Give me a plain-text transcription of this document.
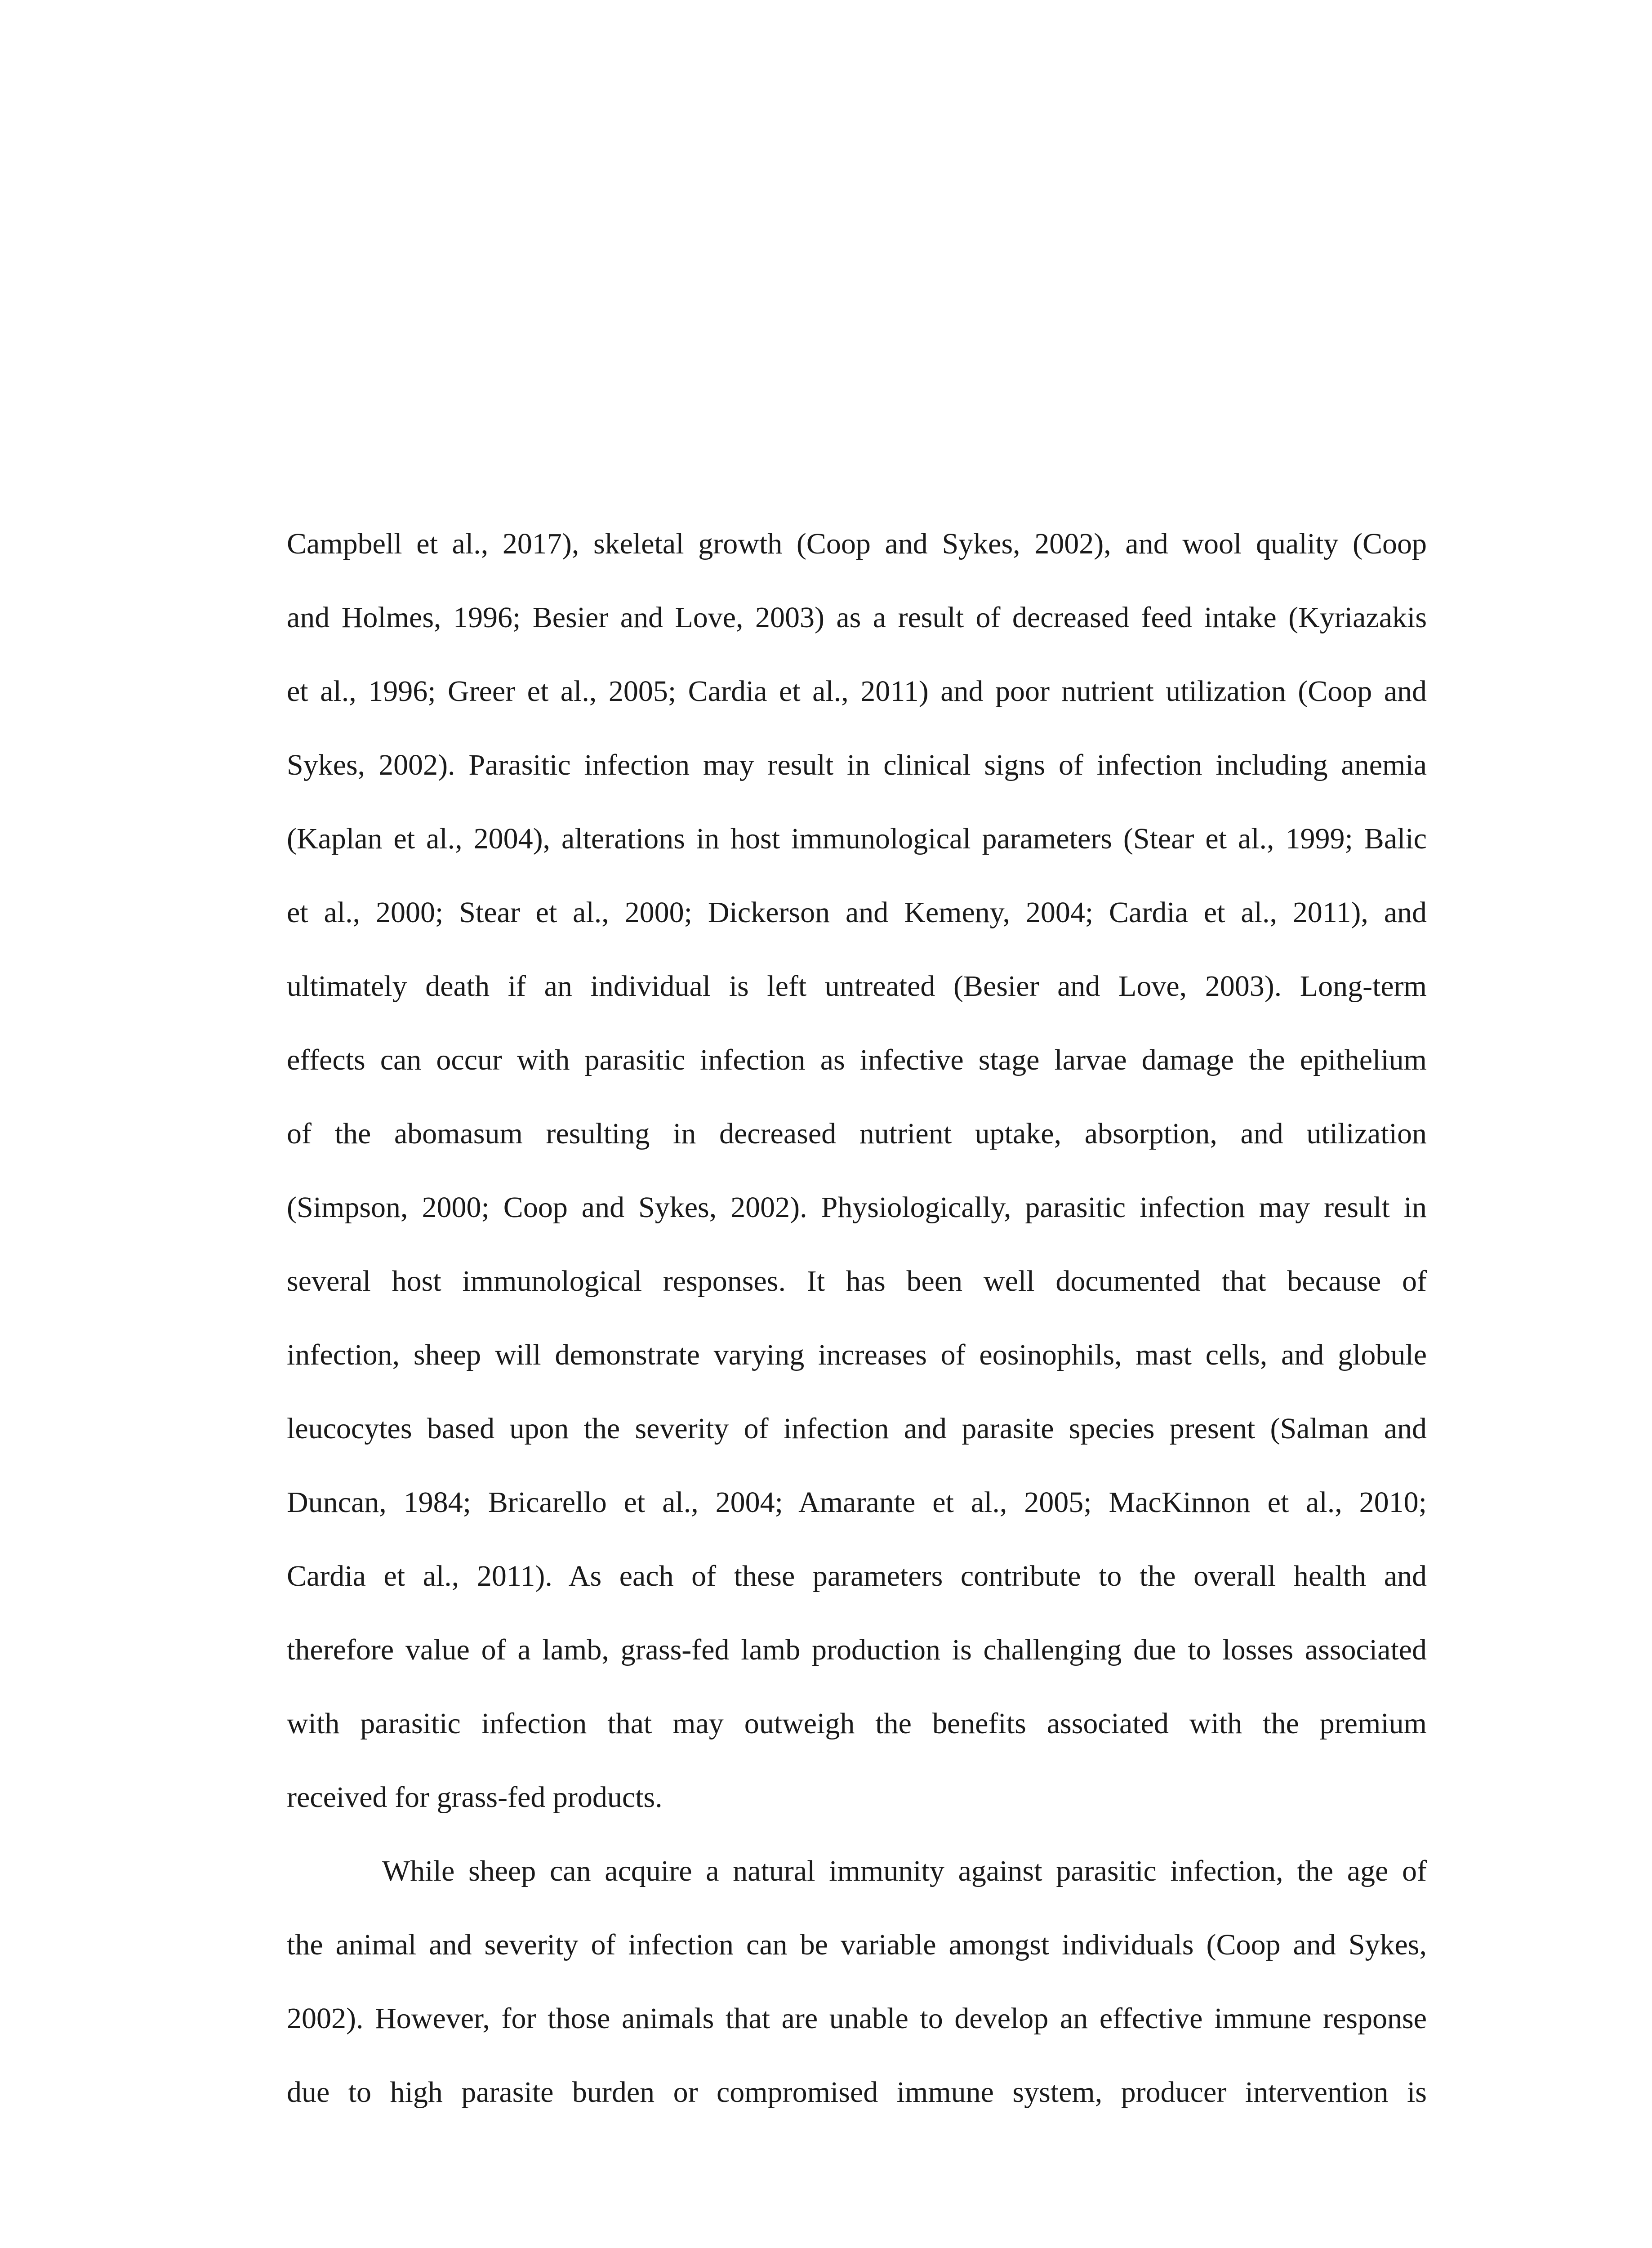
Campbell et al., 2017), skeletal growth (Coop and Sykes, 2002), and wool quality (Coop
and Holmes, 1996; Besier and Love, 2003) as a result of decreased feed intake (Kyriazakis
et al., 1996; Greer et al., 2005; Cardia et al., 2011) and poor nutrient utilization (Coop and
Sykes, 2002). Parasitic infection may result in clinical signs of infection including anemia
(Kaplan et al., 2004), alterations in host immunological parameters (Stear et al., 1999; Balic
et al., 2000; Stear et al., 2000; Dickerson and Kemeny, 2004; Cardia et al., 2011), and
ultimately death if an individual is left untreated (Besier and Love, 2003). Long-term
effects can occur with parasitic infection as infective stage larvae damage the epithelium
of the abomasum resulting in decreased nutrient uptake, absorption, and utilization
(Simpson, 2000; Coop and Sykes, 2002). Physiologically, parasitic infection may result in
several host immunological responses. It has been well documented that because of
infection, sheep will demonstrate varying increases of eosinophils, mast cells, and globule
leucocytes based upon the severity of infection and parasite species present (Salman and
Duncan, 1984; Bricarello et al., 2004; Amarante et al., 2005; MacKinnon et al., 2010;
Cardia et al., 2011). As each of these parameters contribute to the overall health and
therefore value of a lamb, grass-fed lamb production is challenging due to losses associated
with parasitic infection that may outweigh the benefits associated with the premium
received for grass-fed products.

While sheep can acquire a natural immunity against parasitic infection, the age of
the animal and severity of infection can be variable amongst individuals (Coop and Sykes,
2002). However, for those animals that are unable to develop an effective immune response
due to high parasite burden or compromised immune system, producer intervention is
